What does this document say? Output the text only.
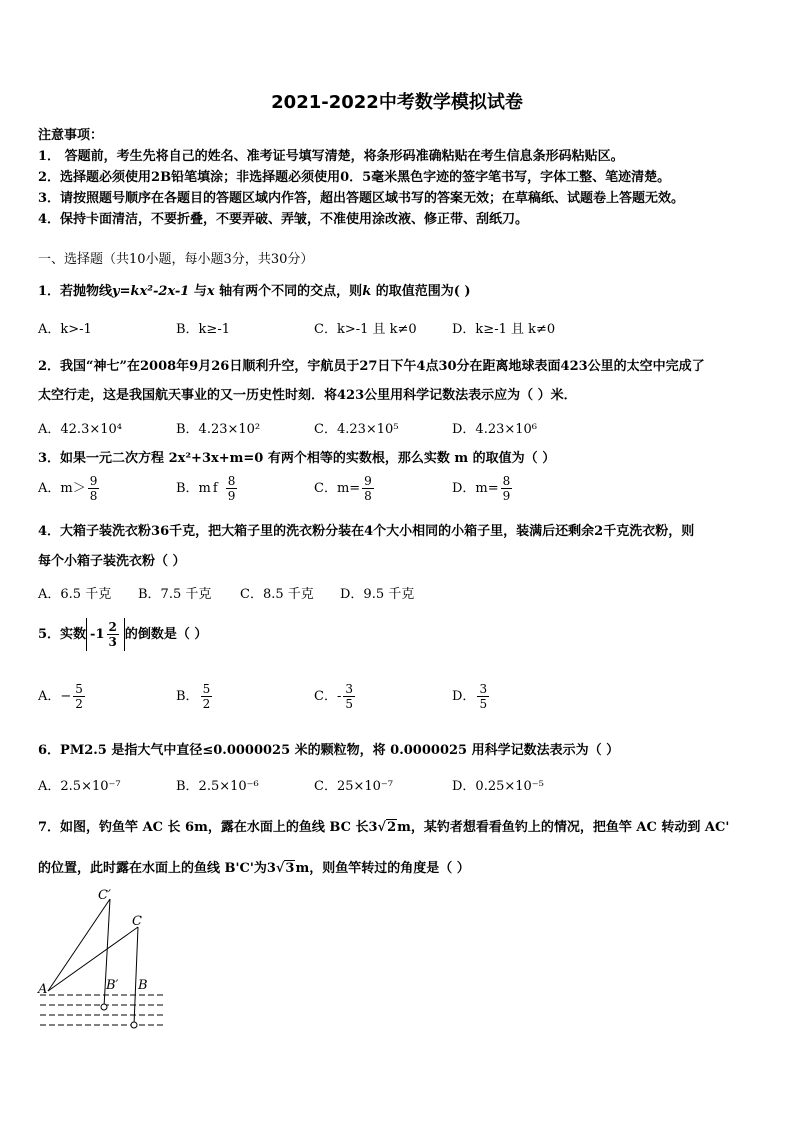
2021-2022中考数学模拟试卷
注意事项：
1． 答题前，考生先将自己的姓名、准考证号填写清楚，将条形码准确粘贴在考生信息条形码粘贴区。
2．选择题必须使用2B铅笔填涂；非选择题必须使用0．5毫米黑色字迹的签字笔书写，字体工整、笔迹清楚。
3．请按照题号顺序在各题目的答题区域内作答，超出答题区域书写的答案无效；在草稿纸、试题卷上答题无效。
4．保持卡面清洁，不要折叠，不要弄破、弄皱，不准使用涂改液、修正带、刮纸刀。
一、选择题（共10小题，每小题3分，共30分）
1．若抛物线y=kx²-2x-1 与x 轴有两个不同的交点，则k 的取值范围为( )
A．k>-1	B．k≥-1	C．k>-1 且 k≠0	D．k≥-1 且 k≠0
2．我国“神七”在2008年9月26日顺利升空，宇航员于27日下午4点30分在距离地球表面423公里的太空中完成了
太空行走，这是我国航天事业的又一历史性时刻．将423公里用科学记数法表示应为（ ）米．
A．42.3×10⁴	B．4.23×10²	C．4.23×10⁵	D．4.23×10⁶
3．如果一元二次方程 2x²+3x+m=0 有两个相等的实数根，那么实数 m 的取值为（ ）
A．$m> \frac{9}{8}$	B．m f $\frac{8}{9}$	C．$m= \frac{9}{8}$	D．$m= \frac{8}{9}$
4．大箱子装洗衣粉36千克，把大箱子里的洗衣粉分装在4个大小相同的小箱子里，装满后还剩余2千克洗衣粉，则
每个小箱子装洗衣粉（ ）
A．6.5 千克 B．7.5 千克 C．8.5 千克 D．9.5 千克
5．实数 $-1 \frac{2}{3}$ 的倒数是（ ）
A．− $\frac{5}{2}$	B． $\frac{5}{2}$	C．- $\frac{3}{5}$	D． $\frac{3}{5}$
6．PM2.5 是指大气中直径≤0.0000025 米的颗粒物，将 0.0000025 用科学记数法表示为（ ）
A．2.5×10⁻⁷	B．2.5×10⁻⁶	C．25×10⁻⁷	D．0.25×10⁻⁵
7．如图，钓鱼竿 AC 长 6m，露在水面上的鱼线 BC 长3√2m，某钓者想看看鱼钓上的情况，把鱼竿 AC 转动到 AC'
的位置，此时露在水面上的鱼线 B'C'为3√3m，则鱼竿转过的角度是（ ）
A
C′
C
B′ B
